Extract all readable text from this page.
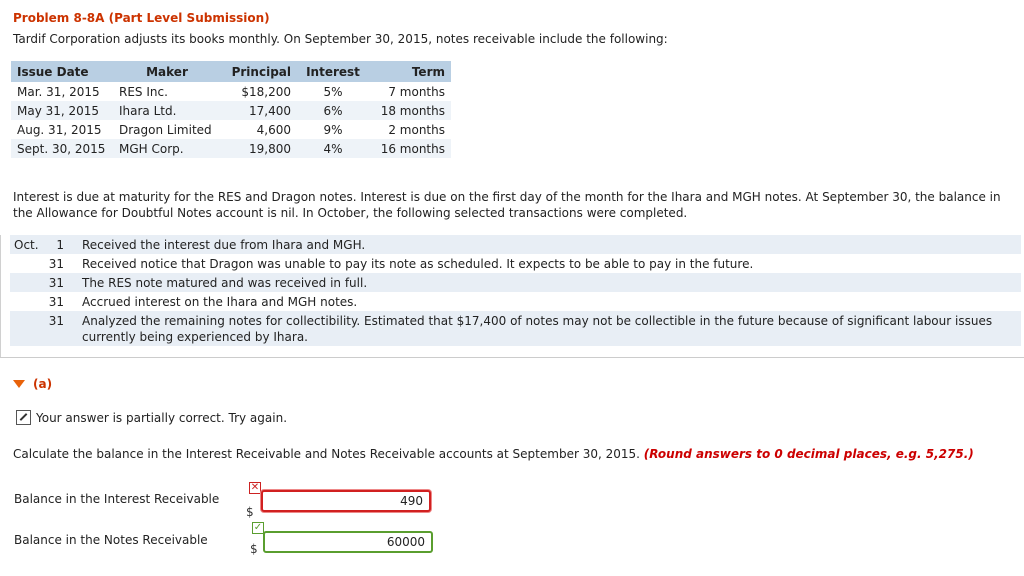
Problem 8-8A (Part Level Submission)
Tardif Corporation adjusts its books monthly. On September 30, 2015, notes receivable include the following:
Issue Date	Maker	Principal	Interest	Term
Mar. 31, 2015	RES Inc.	$18,200	5%	7 months
May 31, 2015	Ihara Ltd.	17,400	6%	18 months
Aug. 31, 2015	Dragon Limited	4,600	9%	2 months
Sept. 30, 2015	MGH Corp.	19,800	4%	16 months
Interest is due at maturity for the RES and Dragon notes. Interest is due on the first day of the month for the Ihara and MGH notes. At September 30, the balance in the Allowance for Doubtful Notes account is nil. In October, the following selected transactions were completed.
Oct.	1	Received the interest due from Ihara and MGH.
31	Received notice that Dragon was unable to pay its note as scheduled. It expects to be able to pay in the future.
31	The RES note matured and was received in full.
31	Accrued interest on the Ihara and MGH notes.
31	Analyzed the remaining notes for collectibility. Estimated that $17,400 of notes may not be collectible in the future because of significant labour issues currently being experienced by Ihara.
(a)
Your answer is partially correct. Try again.
Calculate the balance in the Interest Receivable and Notes Receivable accounts at September 30, 2015. (Round answers to 0 decimal places, e.g. 5,275.)
Balance in the Interest Receivable
✕
$
490
Balance in the Notes Receivable
✓
$	60000
